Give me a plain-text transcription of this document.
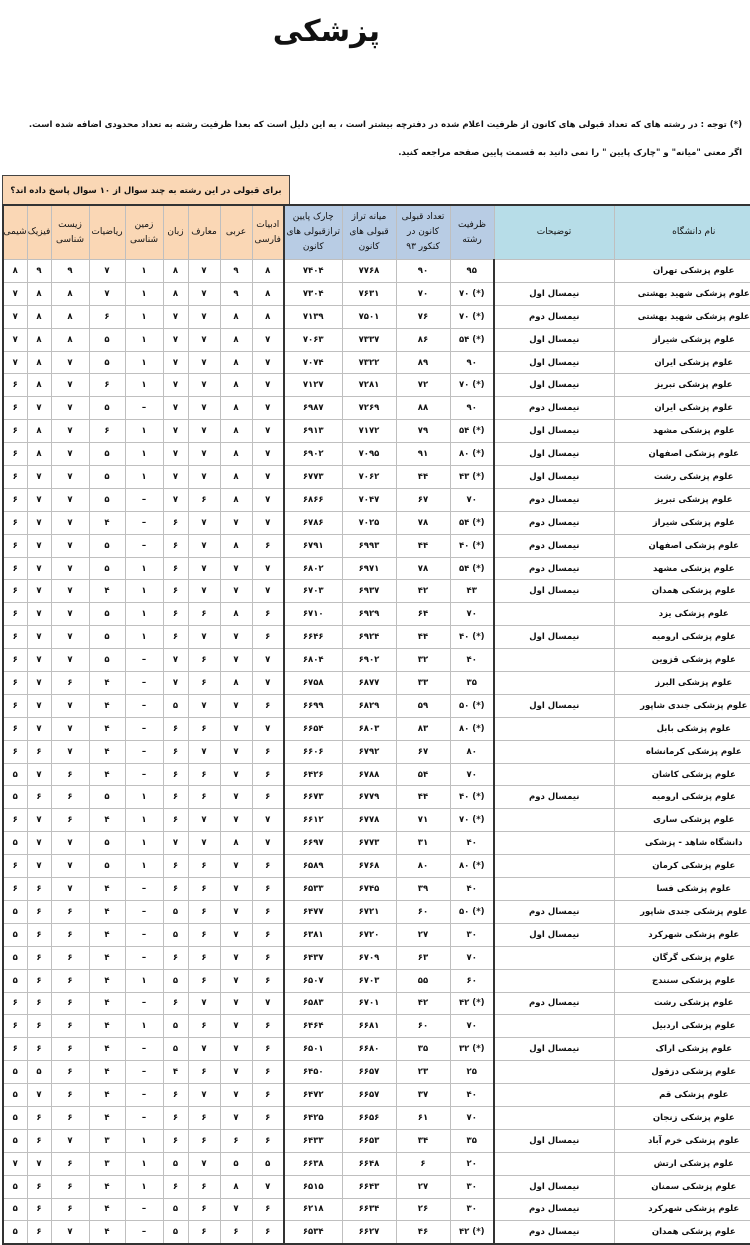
پزشکی
(*) توجه : در رشته های که تعداد قبولی های کانون از ظرفیت اعلام شده در دفترچه بیشتر است ، به این دلیل است که بعدا ظرفیت رشته به تعداد محدودی اضافه شده است.
اگر معنی "میانه" و "چارک پایین " را نمی دانید به قسمت پایین صفحه مراجعه کنید.
برای قبولی در این رشته به چند سوال از ۱۰ سوال پاسخ داده اند؟
نام دانشگاه	توضیحات	ظرفیت رشته	تعداد قبولی کانون در کنکور ۹۳	میانه تراز قبولی های کانون	چارک پایین ترازقبولی های کانون	ادبیات فارسی	عربی	معارف	زبان	زمین شناسی	ریاضیات	زیست شناسی	فیزیک	شیمی
علوم پزشکی تهران		۹۵	۹۰	۷۷۶۸	۷۴۰۴	۸	۹	۷	۸	۱	۷	۹	۹	۸
علوم پزشکی شهید بهشتی	نیمسال اول	(*) ۷۰	۷۰	۷۶۳۱	۷۳۰۴	۸	۹	۷	۸	۱	۷	۸	۸	۷
علوم پزشکی شهید بهشتی	نیمسال دوم	(*) ۷۰	۷۶	۷۵۰۱	۷۱۳۹	۸	۸	۷	۷	۱	۶	۸	۸	۷
علوم پزشکی شیراز	نیمسال اول	(*) ۵۴	۸۶	۷۳۳۷	۷۰۶۳	۷	۸	۷	۷	۱	۵	۸	۸	۷
علوم پزشکی ایران	نیمسال اول	۹۰	۸۹	۷۳۲۲	۷۰۷۴	۷	۸	۷	۷	۱	۵	۷	۸	۷
علوم پزشکی تبریز	نیمسال اول	(*) ۷۰	۷۲	۷۲۸۱	۷۱۲۷	۷	۸	۷	۷	۱	۶	۷	۸	۶
علوم پزشکی ایران	نیمسال دوم	۹۰	۸۸	۷۲۶۹	۶۹۸۷	۷	۸	۷	۷	–	۵	۷	۷	۶
علوم پزشکی مشهد	نیمسال اول	(*) ۵۴	۷۹	۷۱۷۲	۶۹۱۳	۷	۸	۷	۷	۱	۶	۷	۸	۶
علوم پزشکی اصفهان	نیمسال اول	(*) ۸۰	۹۱	۷۰۹۵	۶۹۰۲	۷	۸	۷	۷	۱	۵	۷	۸	۶
علوم پزشکی رشت	نیمسال اول	(*) ۴۳	۴۴	۷۰۶۲	۶۷۷۳	۷	۸	۷	۷	۱	۵	۷	۷	۶
علوم پزشکی تبریز	نیمسال دوم	۷۰	۶۷	۷۰۴۷	۶۸۶۶	۷	۸	۶	۷	–	۵	۷	۷	۶
علوم پزشکی شیراز	نیمسال دوم	(*) ۵۴	۷۸	۷۰۲۵	۶۷۸۶	۷	۷	۷	۶	–	۴	۷	۷	۶
علوم پزشکی اصفهان	نیمسال دوم	(*) ۴۰	۴۴	۶۹۹۳	۶۷۹۱	۶	۸	۷	۶	–	۵	۷	۷	۶
علوم پزشکی مشهد	نیمسال دوم	(*) ۵۴	۷۸	۶۹۷۱	۶۸۰۲	۷	۷	۷	۶	۱	۵	۷	۷	۶
علوم پزشکی همدان	نیمسال اول	۴۳	۴۲	۶۹۳۷	۶۷۰۳	۷	۷	۷	۶	۱	۴	۷	۷	۶
علوم پزشکی یزد		۷۰	۶۴	۶۹۲۹	۶۷۱۰	۶	۸	۶	۶	۱	۵	۷	۷	۶
علوم پزشکی ارومیه	نیمسال اول	(*) ۴۰	۴۴	۶۹۲۴	۶۶۴۶	۶	۷	۷	۶	۱	۵	۷	۷	۶
علوم پزشکی قزوین		۴۰	۳۲	۶۹۰۲	۶۸۰۴	۷	۷	۶	۷	–	۵	۷	۷	۶
علوم پزشکی البرز		۳۵	۳۳	۶۸۷۷	۶۷۵۸	۷	۸	۶	۷	–	۴	۶	۷	۶
علوم پزشکی جندی شاپور	نیمسال اول	(*) ۵۰	۵۹	۶۸۲۹	۶۶۹۹	۶	۷	۷	۵	–	۴	۷	۷	۶
علوم پزشکی بابل		(*) ۸۰	۸۳	۶۸۰۳	۶۶۵۴	۷	۷	۶	۶	–	۴	۷	۷	۶
علوم پزشکی کرمانشاه		۸۰	۶۷	۶۷۹۲	۶۶۰۶	۶	۷	۷	۶	–	۴	۷	۶	۶
علوم پزشکی کاشان		۷۰	۵۴	۶۷۸۸	۶۴۲۶	۶	۷	۶	۶	–	۴	۶	۷	۵
علوم پزشکی ارومیه	نیمسال دوم	(*) ۴۰	۴۴	۶۷۷۹	۶۶۷۳	۶	۷	۶	۶	۱	۵	۶	۶	۵
علوم پزشکی ساری		(*) ۷۰	۷۱	۶۷۷۸	۶۶۱۲	۷	۷	۷	۶	۱	۴	۶	۷	۶
دانشگاه شاهد - پزشکی		۴۰	۳۱	۶۷۷۳	۶۶۹۷	۷	۸	۷	۷	۱	۵	۷	۷	۵
علوم پزشکی کرمان		(*) ۸۰	۸۰	۶۷۶۸	۶۵۸۹	۶	۷	۶	۶	۱	۵	۷	۷	۶
علوم پزشکی فسا		۴۰	۳۹	۶۷۴۵	۶۵۳۳	۶	۷	۶	۶	–	۴	۷	۶	۶
علوم پزشکی جندی شاپور	نیمسال دوم	(*) ۵۰	۶۰	۶۷۲۱	۶۴۷۷	۶	۷	۶	۵	–	۴	۶	۶	۵
علوم پزشکی شهرکرد	نیمسال اول	۳۰	۲۷	۶۷۲۰	۶۳۸۱	۶	۷	۶	۵	–	۴	۶	۶	۵
علوم پزشکی گرگان		۷۰	۶۳	۶۷۰۹	۶۴۳۷	۶	۷	۶	۶	–	۴	۶	۶	۵
علوم پزشکی سنندج		۶۰	۵۵	۶۷۰۳	۶۵۰۷	۶	۷	۶	۵	۱	۴	۶	۶	۵
علوم پزشکی رشت	نیمسال دوم	(*) ۴۲	۴۲	۶۷۰۱	۶۵۸۳	۷	۷	۷	۶	–	۴	۶	۶	۶
علوم پزشکی اردبیل		۷۰	۶۰	۶۶۸۱	۶۴۶۴	۶	۷	۶	۵	۱	۴	۶	۶	۶
علوم پزشکی اراک	نیمسال اول	(*) ۳۲	۳۵	۶۶۸۰	۶۵۰۱	۶	۷	۷	۵	–	۴	۶	۶	۶
علوم پزشکی دزفول		۲۵	۲۳	۶۶۵۷	۶۴۵۰	۶	۷	۶	۴	–	۴	۶	۵	۵
علوم پزشکی قم		۴۰	۳۷	۶۶۵۷	۶۴۷۲	۶	۷	۷	۶	–	۴	۶	۷	۵
علوم پزشکی زنجان		۷۰	۶۱	۶۶۵۶	۶۴۲۵	۶	۷	۶	۶	–	۴	۶	۶	۵
علوم پزشکی خرم آباد	نیمسال اول	۳۵	۳۴	۶۶۵۳	۶۴۳۳	۶	۶	۶	۶	۱	۳	۷	۶	۵
علوم پزشکی ارتش		۲۰	۶	۶۶۴۸	۶۶۳۸	۵	۵	۷	۵	۱	۳	۶	۷	۷
علوم پزشکی سمنان	نیمسال اول	۳۰	۲۷	۶۶۴۳	۶۵۱۵	۷	۸	۶	۶	۱	۴	۶	۶	۵
علوم پزشکی شهرکرد	نیمسال دوم	۳۰	۲۶	۶۶۳۴	۶۲۱۸	۶	۷	۶	۵	–	۴	۶	۶	۵
علوم پزشکی همدان	نیمسال دوم	(*) ۴۲	۴۶	۶۶۲۷	۶۵۳۴	۶	۶	۶	۵	–	۴	۷	۶	۵
